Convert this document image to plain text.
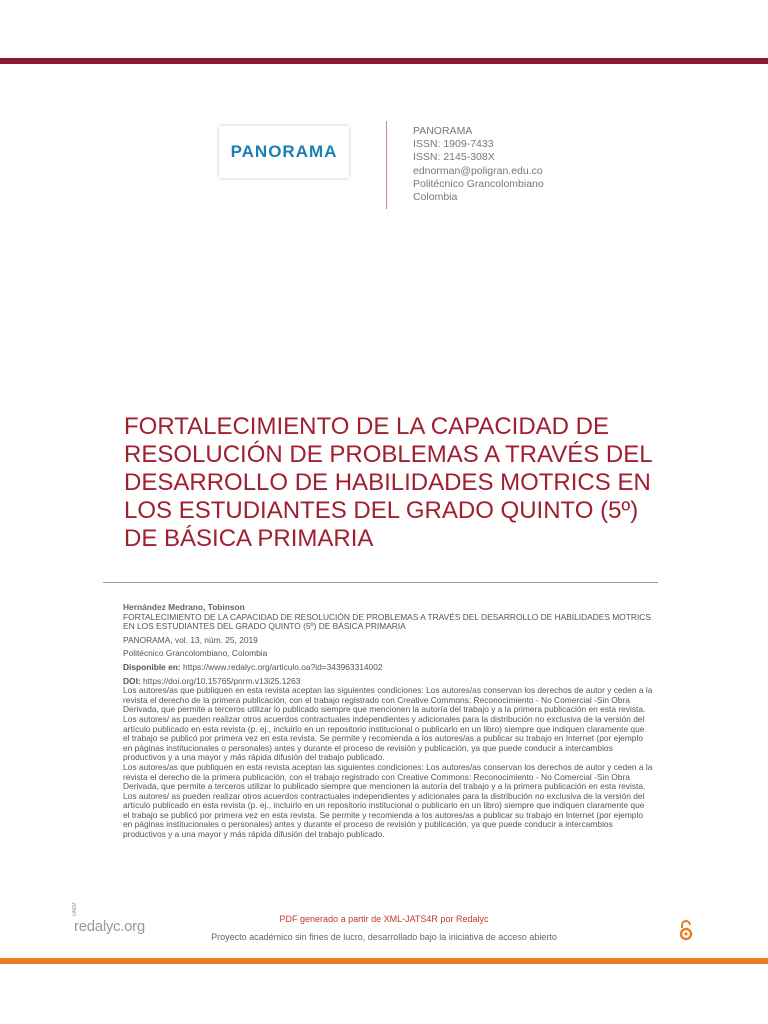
PANORAMA
PANORAMA
ISSN: 1909-7433
ISSN: 2145-308X
ednorman@poligran.edu.co
Politécnico Grancolombiano
Colombia
FORTALECIMIENTO DE LA CAPACIDAD DE RESOLUCIÓN DE PROBLEMAS A TRAVÉS DEL DESARROLLO DE HABILIDADES MOTRICS EN LOS ESTUDIANTES DEL GRADO QUINTO (5º) DE BÁSICA PRIMARIA

Hernández Medrano, Tobinson

FORTALECIMIENTO DE LA CAPACIDAD DE RESOLUCIÓN DE PROBLEMAS A TRAVÉS DEL DESARROLLO DE HABILIDADES MOTRICS EN LOS ESTUDIANTES DEL GRADO QUINTO (5º) DE BÁSICA PRIMARIA

PANORAMA, vol. 13, núm. 25, 2019

Politécnico Grancolombiano, Colombia

Disponible en: https://www.redalyc.org/articulo.oa?id=343963314002

DOI: https://doi.org/10.15765/pnrm.v13i25.1263

Los autores/as que publiquen en esta revista aceptan las siguientes condiciones: Los autores/as conservan los derechos de autor y ceden a la revista el derecho de la primera publicación, con el trabajo registrado con Creative Commons: Reconocimiento - No Comercial -Sin Obra Derivada, que permite a terceros utilizar lo publicado siempre que mencionen la autoría del trabajo y a la primera publicación en esta revista. Los autores/ as pueden realizar otros acuerdos contractuales independientes y adicionales para la distribución no exclusiva de la versión del artículo publicado en esta revista (p. ej., incluirlo en un repositorio institucional o publicarlo en un libro) siempre que indiquen claramente que el trabajo se publicó por primera vez en esta revista. Se permite y recomienda a los autores/as a publicar su trabajo en Internet (por ejemplo en páginas institucionales o personales) antes y durante el proceso de revisión y publicación, ya que puede conducir a intercambios productivos y a una mayor y más rápida difusión del trabajo publicado.

Los autores/as que publiquen en esta revista aceptan las siguientes condiciones: Los autores/as conservan los derechos de autor y ceden a la revista el derecho de la primera publicación, con el trabajo registrado con Creative Commons: Reconocimiento - No Comercial -Sin Obra Derivada, que permite a terceros utilizar lo publicado siempre que mencionen la autoría del trabajo y a la primera publicación en esta revista. Los autores/ as pueden realizar otros acuerdos contractuales independientes y adicionales para la distribución no exclusiva de la versión del artículo publicado en esta revista (p. ej., incluirlo en un repositorio institucional o publicarlo en un libro) siempre que indiquen claramente que el trabajo se publicó por primera vez en esta revista. Se permite y recomienda a los autores/as a publicar su trabajo en Internet (por ejemplo en páginas institucionales o personales) antes y durante el proceso de revisión y publicación, ya que puede conducir a intercambios productivos y a una mayor y más rápida difusión del trabajo publicado.

UAEM
redalyc.org	PDF generado a partir de XML-JATS4R por Redalyc
Proyecto académico sin fines de lucro, desarrollado bajo la iniciativa de acceso abierto
